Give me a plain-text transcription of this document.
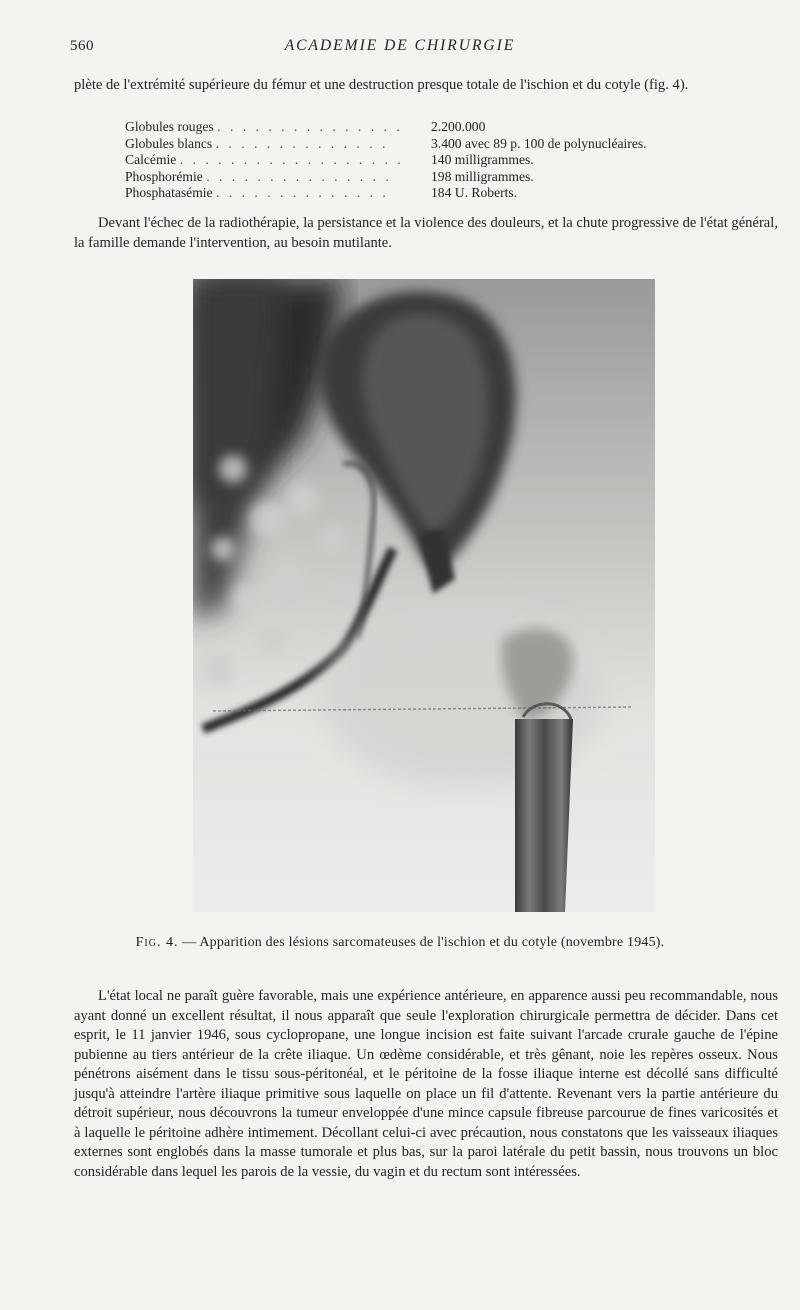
560	ACADEMIE DE CHIRURGIE

plète de l'extrémité supérieure du fémur et une destruction presque totale de l'ischion et du cotyle (fig. 4).

Globules rouges . . . . . . . . . . . . . . .	2.200.000
Globules blancs . . . . . . . . . . . . . .	3.400 avec 89 p. 100 de polynucléaires.
Calcémie . . . . . . . . . . . . . . . . . .	140 milligrammes.
Phosphorémie . . . . . . . . . . . . . . .	198 milligrammes.
Phosphatasémie . . . . . . . . . . . . . .	184 U. Roberts.

Devant l'échec de la radiothérapie, la persistance et la violence des douleurs, et la chute progressive de l'état général, la famille demande l'intervention, au besoin mutilante.

Fig. 4. — Apparition des lésions sarcomateuses de l'ischion et du cotyle (novembre 1945).

L'état local ne paraît guère favorable, mais une expérience antérieure, en apparence aussi peu recommandable, nous ayant donné un excellent résultat, il nous apparaît que seule l'exploration chirurgicale permettra de décider. Dans cet esprit, le 11 janvier 1946, sous cyclopropane, une longue incision est faite suivant l'arcade crurale gauche de l'épine pubienne au tiers antérieur de la crête iliaque. Un œdème considérable, et très gênant, noie les repères osseux. Nous pénétrons aisément dans le tissu sous-péritonéal, et le péritoine de la fosse iliaque interne est décollé sans difficulté jusqu'à atteindre l'artère iliaque primitive sous laquelle on place un fil d'attente. Revenant vers la partie antérieure du détroit supérieur, nous découvrons la tumeur enveloppée d'une mince capsule fibreuse parcourue de fines varicosités et à laquelle le péritoine adhère intimement. Décollant celui-ci avec précaution, nous constatons que les vaisseaux iliaques externes sont englobés dans la masse tumorale et plus bas, sur la paroi latérale du petit bassin, nous trouvons un bloc considérable dans lequel les parois de la vessie, du vagin et du rectum sont intéressées.
